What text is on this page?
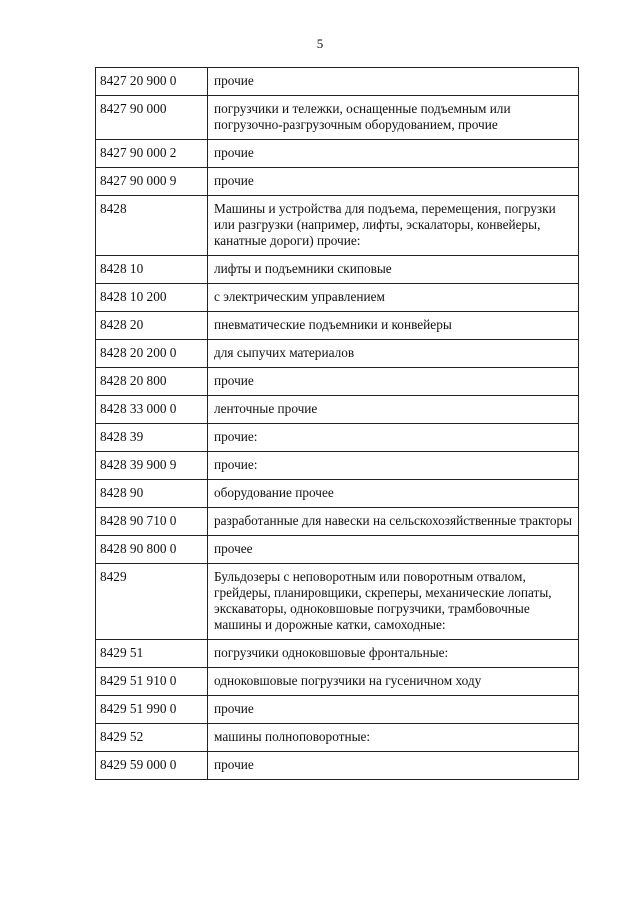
5
8427 20 900 0	прочие
8427 90 000	погрузчики и тележки, оснащенные подъемным или погрузочно-разгрузочным оборудованием, прочие
8427 90 000 2	прочие
8427 90 000 9	прочие
8428	Машины и устройства для подъема, перемещения, погрузки или разгрузки (например, лифты, эскалаторы, конвейеры, канатные дороги) прочие:
8428 10	лифты и подъемники скиповые
8428 10 200	с электрическим управлением
8428 20	пневматические подъемники и конвейеры
8428 20 200 0	для сыпучих материалов
8428 20 800	прочие
8428 33 000 0	ленточные прочие
8428 39	прочие:
8428 39 900 9	прочие:
8428 90	оборудование прочее
8428 90 710 0	разработанные для навески на сельскохозяйственные тракторы
8428 90 800 0	прочее
8429	Бульдозеры с неповоротным или поворотным отвалом, грейдеры, планировщики, скреперы, механические лопаты, экскаваторы, одноковшовые погрузчики, трамбовочные машины и дорожные катки, самоходные:
8429 51	погрузчики одноковшовые фронтальные:
8429 51 910 0	одноковшовые погрузчики на гусеничном ходу
8429 51 990 0	прочие
8429 52	машины полноповоротные:
8429 59 000 0	прочие
